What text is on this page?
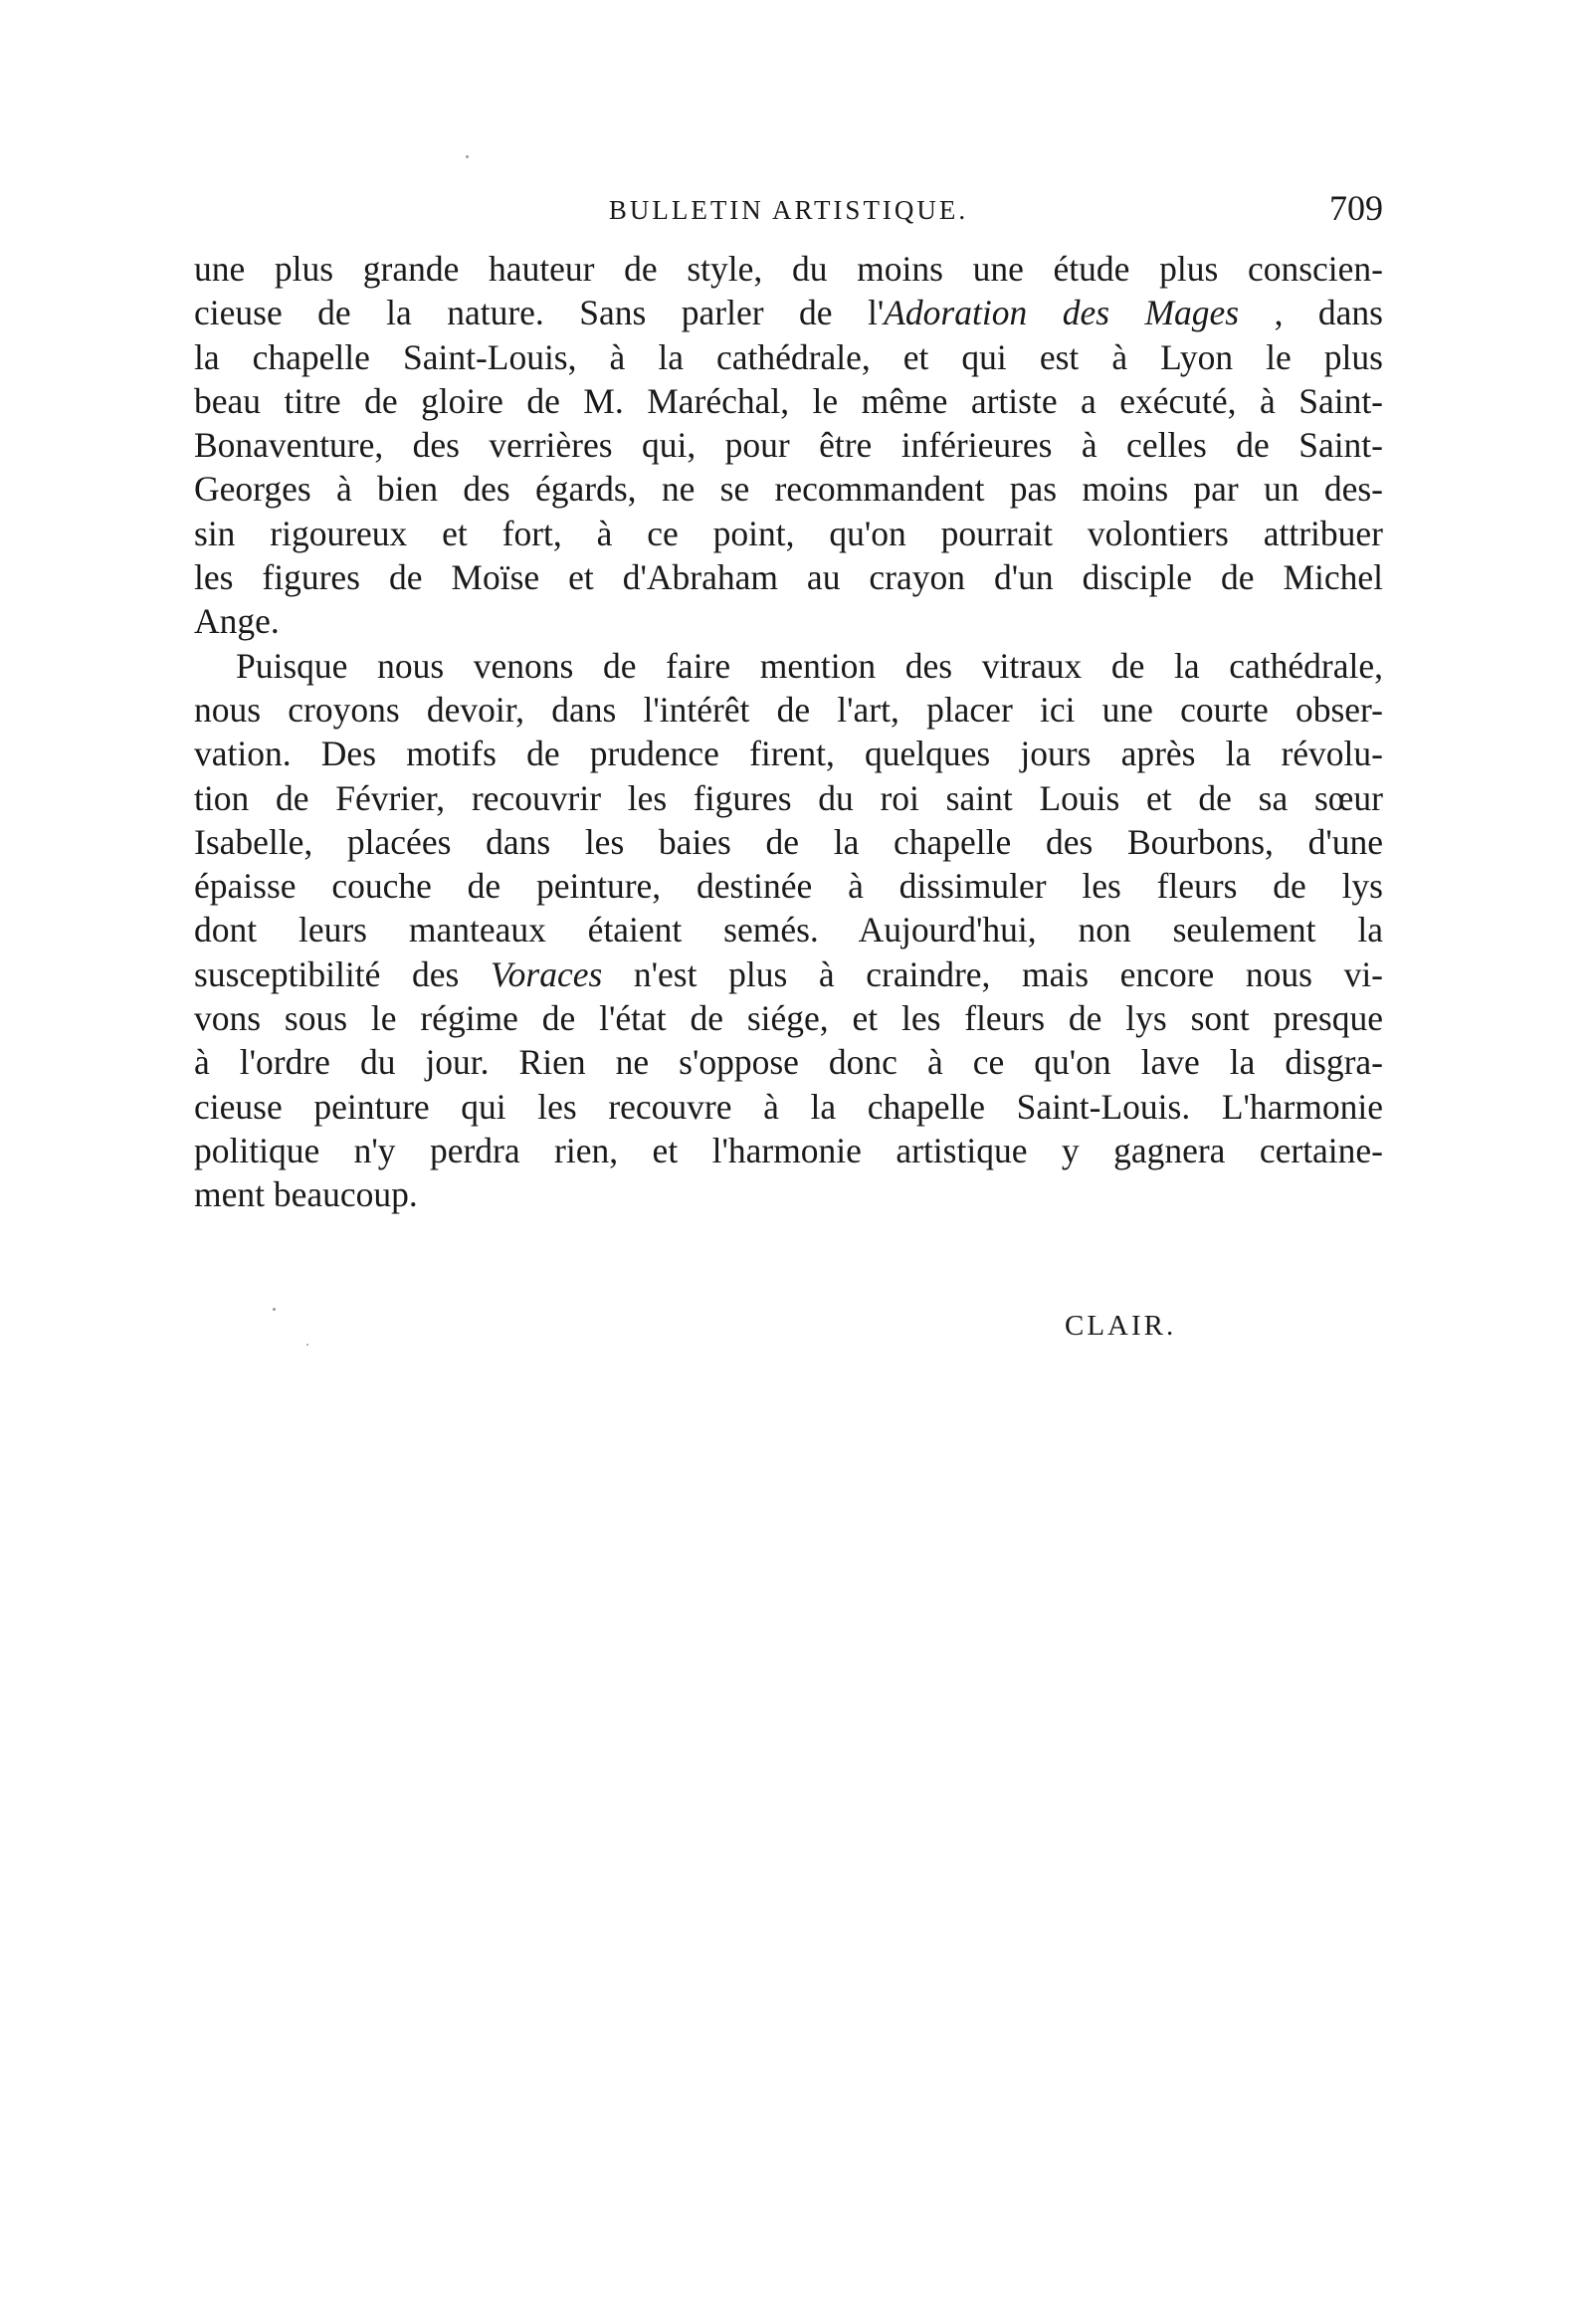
BULLETIN ARTISTIQUE.	709
une plus grande hauteur de style, du moins une étude plus conscien-
cieuse de la nature. Sans parler de l'Adoration des Mages , dans
la chapelle Saint-Louis, à la cathédrale, et qui est à Lyon le plus
beau titre de gloire de M. Maréchal, le même artiste a exécuté, à Saint-
Bonaventure, des verrières qui, pour être inférieures à celles de Saint-
Georges à bien des égards, ne se recommandent pas moins par un des-
sin rigoureux et fort, à ce point, qu'on pourrait volontiers attribuer
les figures de Moïse et d'Abraham au crayon d'un disciple de Michel
Ange.
Puisque nous venons de faire mention des vitraux de la cathédrale,
nous croyons devoir, dans l'intérêt de l'art, placer ici une courte obser-
vation. Des motifs de prudence firent, quelques jours après la révolu-
tion de Février, recouvrir les figures du roi saint Louis et de sa sœur
Isabelle, placées dans les baies de la chapelle des Bourbons, d'une
épaisse couche de peinture, destinée à dissimuler les fleurs de lys
dont leurs manteaux étaient semés. Aujourd'hui, non seulement la
susceptibilité des Voraces n'est plus à craindre, mais encore nous vi-
vons sous le régime de l'état de siége, et les fleurs de lys sont presque
à l'ordre du jour. Rien ne s'oppose donc à ce qu'on lave la disgra-
cieuse peinture qui les recouvre à la chapelle Saint-Louis. L'harmonie
politique n'y perdra rien, et l'harmonie artistique y gagnera certaine-
ment beaucoup.
CLAIR.
